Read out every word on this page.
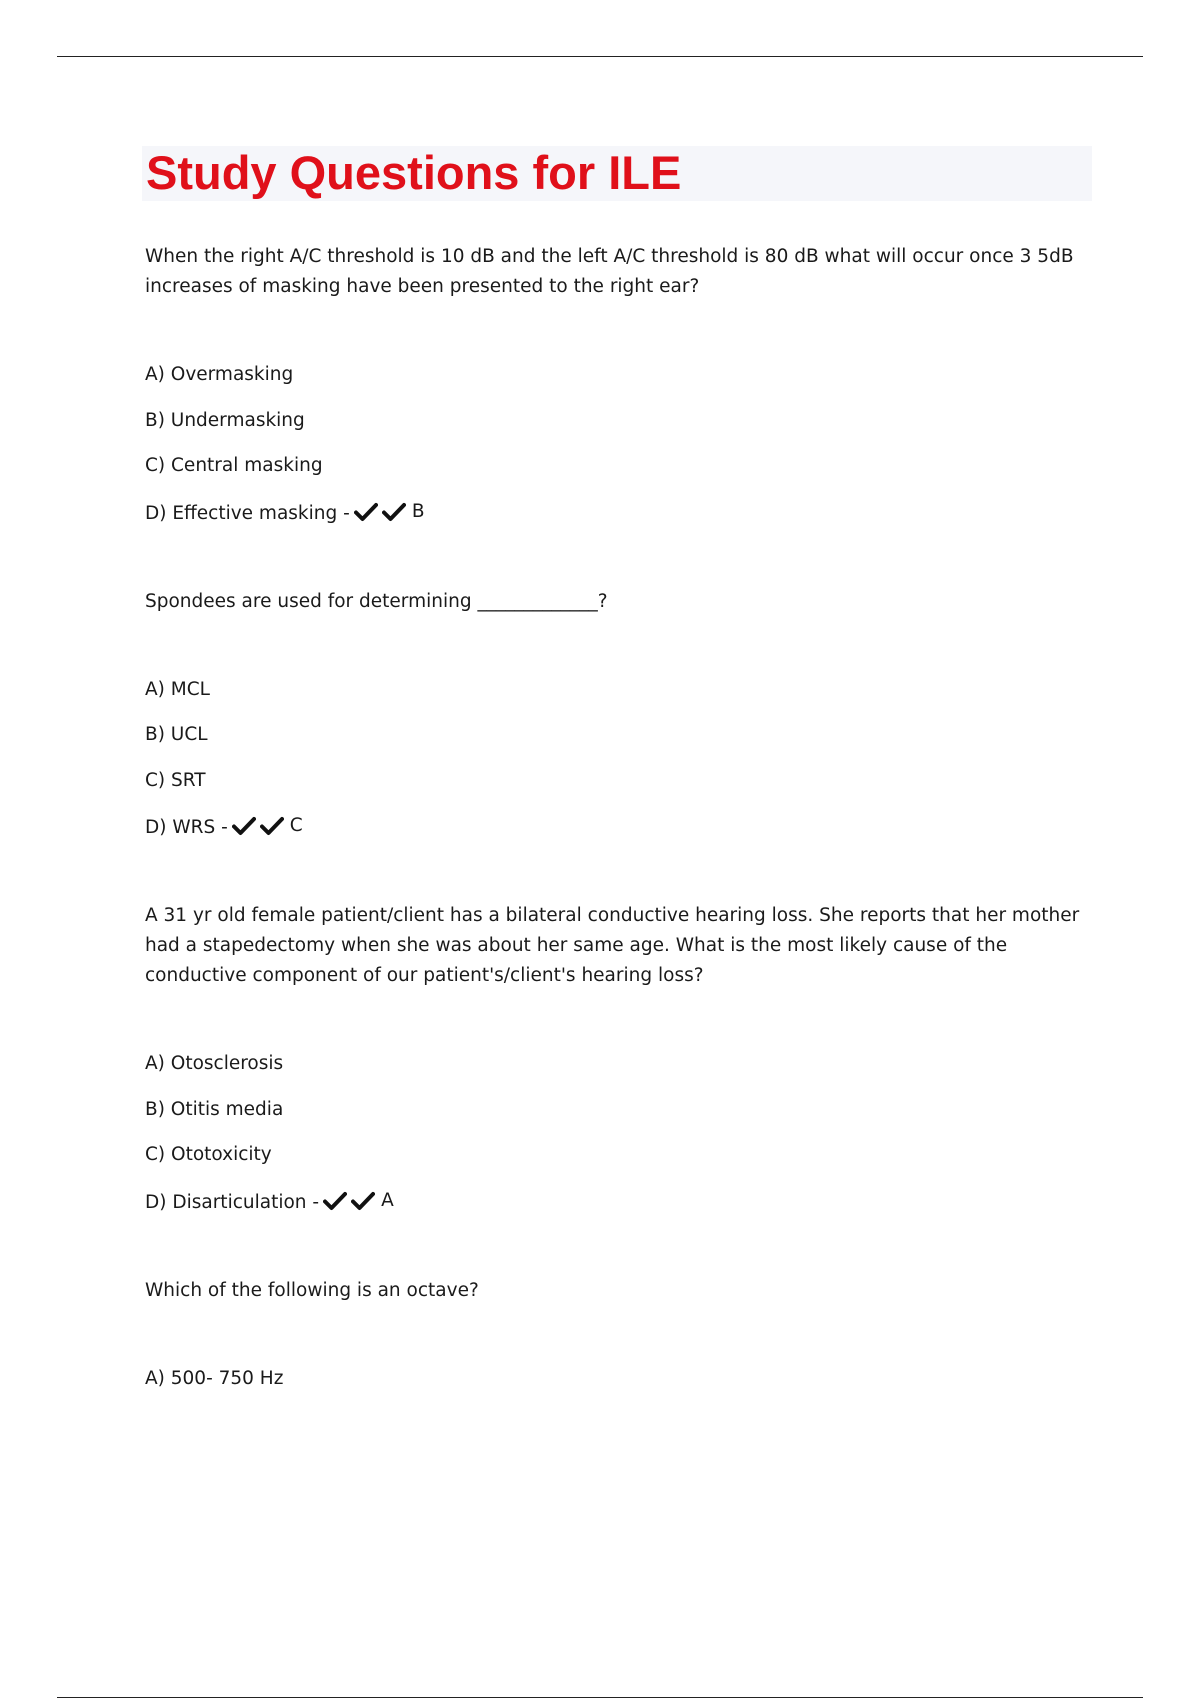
Study Questions for ILE

When the right A/C threshold is 10 dB and the left A/C threshold is 80 dB what will occur once 3 5dB increases of masking have been presented to the right ear?

A) Overmasking
B) Undermasking
C) Central masking
D) Effective masking -	B

Spondees are used for determining _____________?

A) MCL
B) UCL
C) SRT
D) WRS -	C

A 31 yr old female patient/client has a bilateral conductive hearing loss. She reports that her mother had a stapedectomy when she was about her same age. What is the most likely cause of the conductive component of our patient's/client's hearing loss?

A) Otosclerosis
B) Otitis media
C) Ototoxicity
D) Disarticulation -	A

Which of the following is an octave?

A) 500- 750 Hz
